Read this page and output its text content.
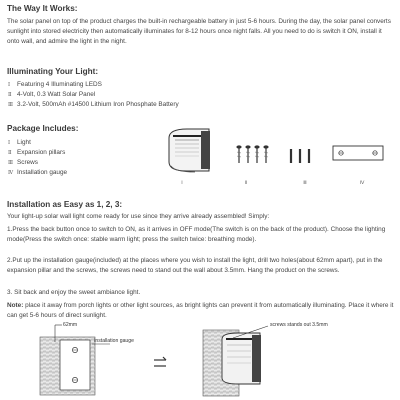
The Way It Works:
The solar panel on top of the product charges the built-in rechargeable battery in just 5-6 hours. During the day, the solar panel converts sunlight into stored electricity then automatically illuminates for 8-12 hours once night falls. All you need to do is switch it ON, install it onto wall, and admire the light in the night.
Illuminating Your Light:
Ⅰ Featuring 4 Illuminating LEDS
Ⅱ 4-Volt, 0.3 Watt Solar Panel
Ⅲ 3.2-Volt, 500mAh #14500 Lithium Iron Phosphate Battery
Package Includes:
Ⅰ Light
Ⅱ Expansion pillars
Ⅲ Screws
Ⅳ Installation gauge
Ⅰ	Ⅱ	Ⅲ	Ⅳ
Installation as Easy as 1, 2, 3:
Your light-up solar wall light come ready for use since they arrive already assembled! Simply:
1.Press the back button once to switch to ON, as it arrives in OFF mode(The switch is on the back of the product). Choose the lighting mode(Press the switch once: stable warm light; press the switch twice: breathing mode).
2.Put up the installation gauge(included) at the places where you wish to install the light, drill two holes(about 62mm apart), put in the expansion pillar and the screws, the screws need to stand out the wall about 3.5mm. Hang the product on the screws.
3. Sit back and enjoy the sweet ambiance light.
Note: place it away from porch lights or other light sources, as bright lights can prevent it from automatically illuminating. Place it where it can get 5-6 hours of direct sunlight.
62mm
Installation gauge
screws stands out 3.5mm
